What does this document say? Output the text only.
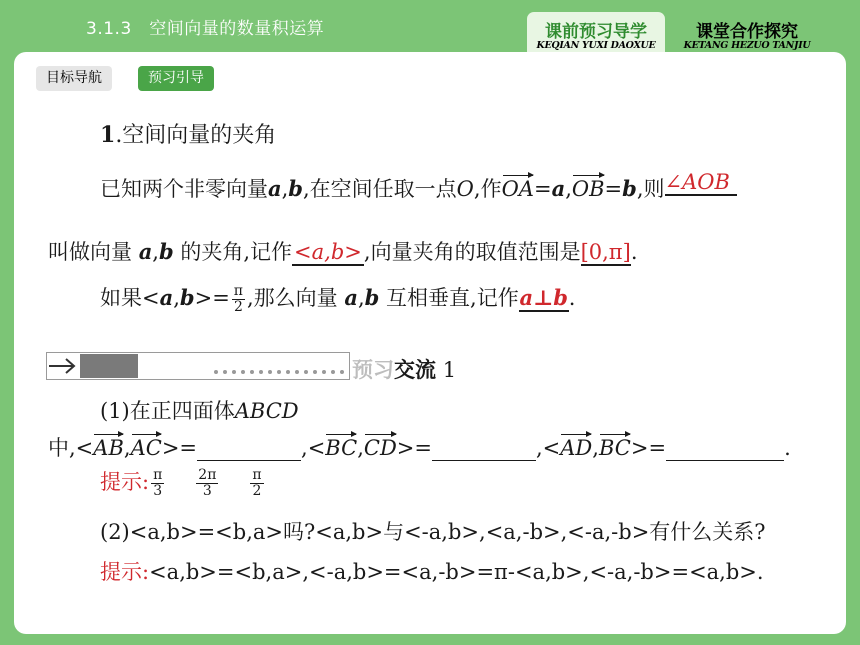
3.1.3　空间向量的数量积运算	课前预习导学
KEQIAN YUXI DAOXUE
课堂合作探究
KETANG HEZUO TANJIU
目标导航	预习引导
1.空间向量的夹角
已知两个非零向量a,b,在空间任取一点O,作OA=a,OB=b,则∠AOB
叫做向量 a,b 的夹角,记作<a,b>,向量夹角的取值范围是[0,π].
如果$<a,b>= \frac{\pi}{2}$ ,那么向量 a,b 互相垂直,记作a⊥b.
预习交流 1
(1)在正四面体ABCD
中,<AB,AC>=	,<BC,CD>=	,<AD,BC>=	.
提示: $\frac{\pi}{3} \frac{2\pi}{3} \frac{\pi}{2}$
(2)<a,b>=<b,a>吗?<a,b>与<-a,b>,<a,-b>,<-a,-b>有什么关系?
提示:<a,b>=<b,a>,<-a,b>=<a,-b>=π-<a,b>,<-a,-b>=<a,b>.
